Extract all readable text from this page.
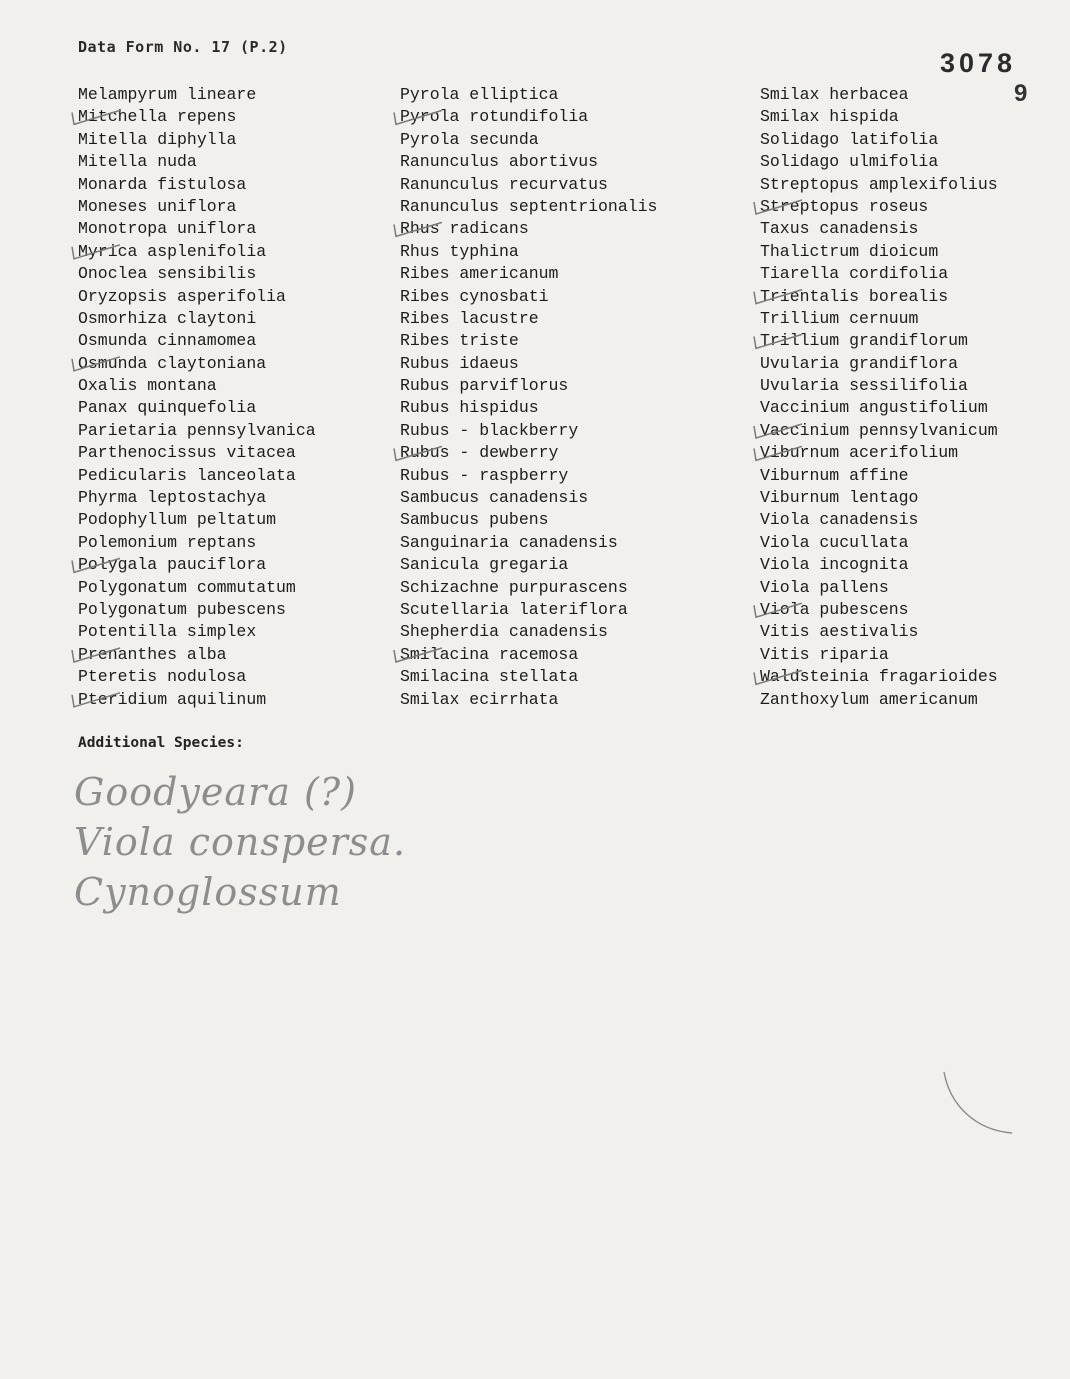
Data Form No. 17 (P.2)
3078
9
Melampyrum lineare
Mitchella repens
Mitella diphylla
Mitella nuda
Monarda fistulosa
Moneses uniflora
Monotropa uniflora
Myrica asplenifolia
Onoclea sensibilis
Oryzopsis asperifolia
Osmorhiza claytoni
Osmunda cinnamomea
Osmunda claytoniana
Oxalis montana
Panax quinquefolia
Parietaria pennsylvanica
Parthenocissus vitacea
Pedicularis lanceolata
Phyrma leptostachya
Podophyllum peltatum
Polemonium reptans
Polygala pauciflora
Polygonatum commutatum
Polygonatum pubescens
Potentilla simplex
Prenanthes alba
Pteretis nodulosa
Pteridium aquilinum
Pyrola elliptica
Pyrola rotundifolia
Pyrola secunda
Ranunculus abortivus
Ranunculus recurvatus
Ranunculus septentrionalis
Rhus radicans
Rhus typhina
Ribes americanum
Ribes cynosbati
Ribes lacustre
Ribes triste
Rubus idaeus
Rubus parviflorus
Rubus hispidus
Rubus - blackberry
Rubus - dewberry
Rubus - raspberry
Sambucus canadensis
Sambucus pubens
Sanguinaria canadensis
Sanicula gregaria
Schizachne purpurascens
Scutellaria lateriflora
Shepherdia canadensis
Smilacina racemosa
Smilacina stellata
Smilax ecirrhata
Smilax herbacea
Smilax hispida
Solidago latifolia
Solidago ulmifolia
Streptopus amplexifolius
Streptopus roseus
Taxus canadensis
Thalictrum dioicum
Tiarella cordifolia
Trientalis borealis
Trillium cernuum
Trillium grandiflorum
Uvularia grandiflora
Uvularia sessilifolia
Vaccinium angustifolium
Vaccinium pennsylvanicum
Viburnum acerifolium
Viburnum affine
Viburnum lentago
Viola canadensis
Viola cucullata
Viola incognita
Viola pallens
Viola pubescens
Vitis aestivalis
Vitis riparia
Waldsteinia fragarioides
Zanthoxylum americanum
Additional Species:
Goodyeara (?)
Viola conspersa.
Cynoglossum
